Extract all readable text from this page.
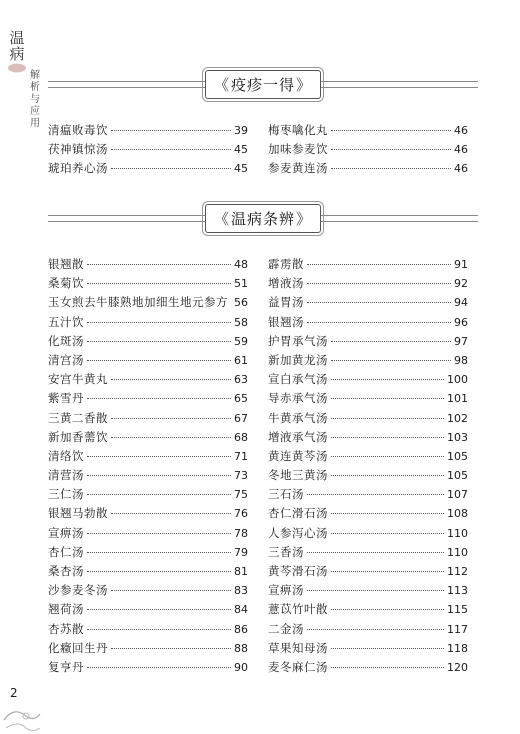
温病
解析与应用
《 疫疹一得 》
清瘟败毒饮	39
茯神镇惊汤	45
琥珀养心汤	45
梅枣噙化丸	46
加味参麦饮	46
参麦黄连汤	46
《 温病条辨 》
银翘散	48
桑菊饮	51
玉女煎去牛膝熟地加细生地元参方 56
五汁饮	58
化斑汤	59
清宫汤	61
安宫牛黄丸	63
紫雪丹	65
三黄二香散	67
新加香薷饮	68
清络饮	71
清营汤	73
三仁汤	75
银翘马勃散	76
宣痹汤	78
杏仁汤	79
桑杏汤	81
沙参麦冬汤	83
翘荷汤	84
杏苏散	86
化癥回生丹	88
复亨丹	90
霹雳散	91
增液汤	92
益胃汤	94
银翘汤	96
护胃承气汤	97
新加黄龙汤	98
宣白承气汤	100
导赤承气汤	101
牛黄承气汤	102
增液承气汤	103
黄连黄芩汤	105
冬地三黄汤	105
三石汤	107
杏仁滑石汤	108
人参泻心汤	110
三香汤	110
黄芩滑石汤	112
宣痹汤	113
薏苡竹叶散	115
二金汤	117
草果知母汤	118
麦冬麻仁汤	120
2
